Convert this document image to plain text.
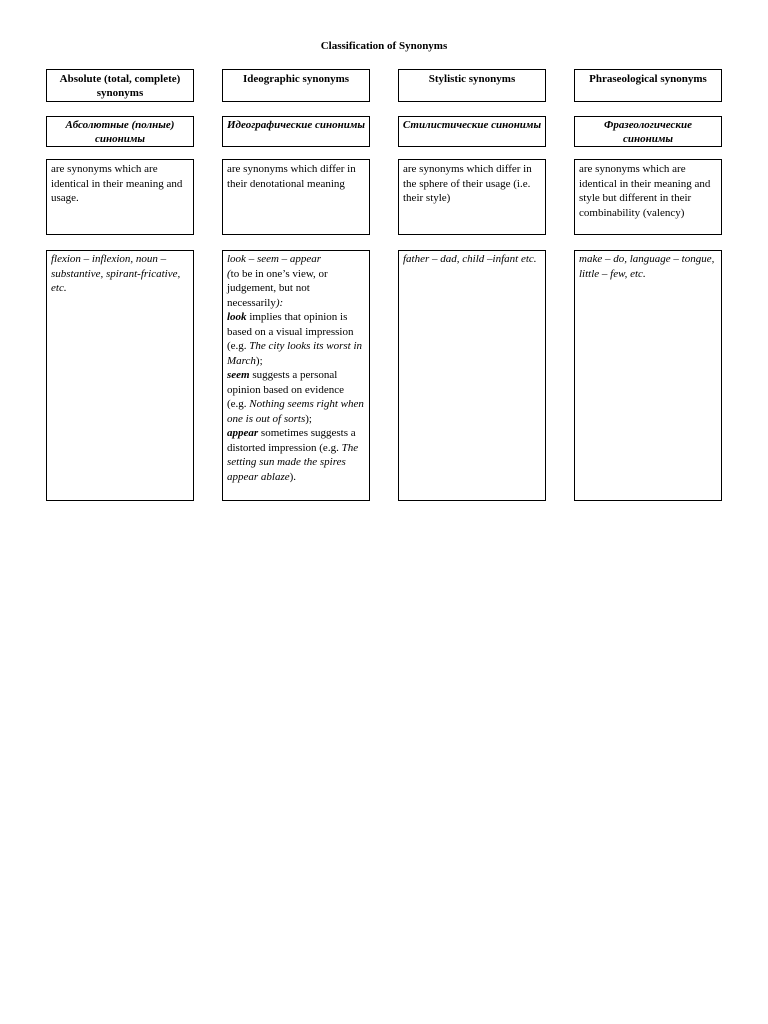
Classification of Synonyms
Absolute (total, complete) synonyms
Абсолютные (полные) синонимы
are synonyms which are identical in their meaning and usage.
flexion – inflexion, noun – substantive, spirant-fricative, etc.
Ideographic synonyms
Идеографические синонимы
are synonyms which differ in their denotational meaning
look – seem – appear
(to be in one’s view, or judgement, but not necessarily):
look implies that opinion is based on a visual impression (e.g. The city looks its worst in March);
seem suggests a personal opinion based on evidence (e.g. Nothing seems right when one is out of sorts);
appear sometimes suggests a distorted impression (e.g. The setting sun made the spires appear ablaze).
Stylistic synonyms
Стилистические синонимы
are synonyms which differ in the sphere of their usage (i.e. their style)
father – dad, child –infant etc.
Phraseological synonyms
Фразеологические синонимы
are synonyms which are identical in their meaning and style but different in their combinability (valency)
make – do, language – tongue, little – few, etc.
